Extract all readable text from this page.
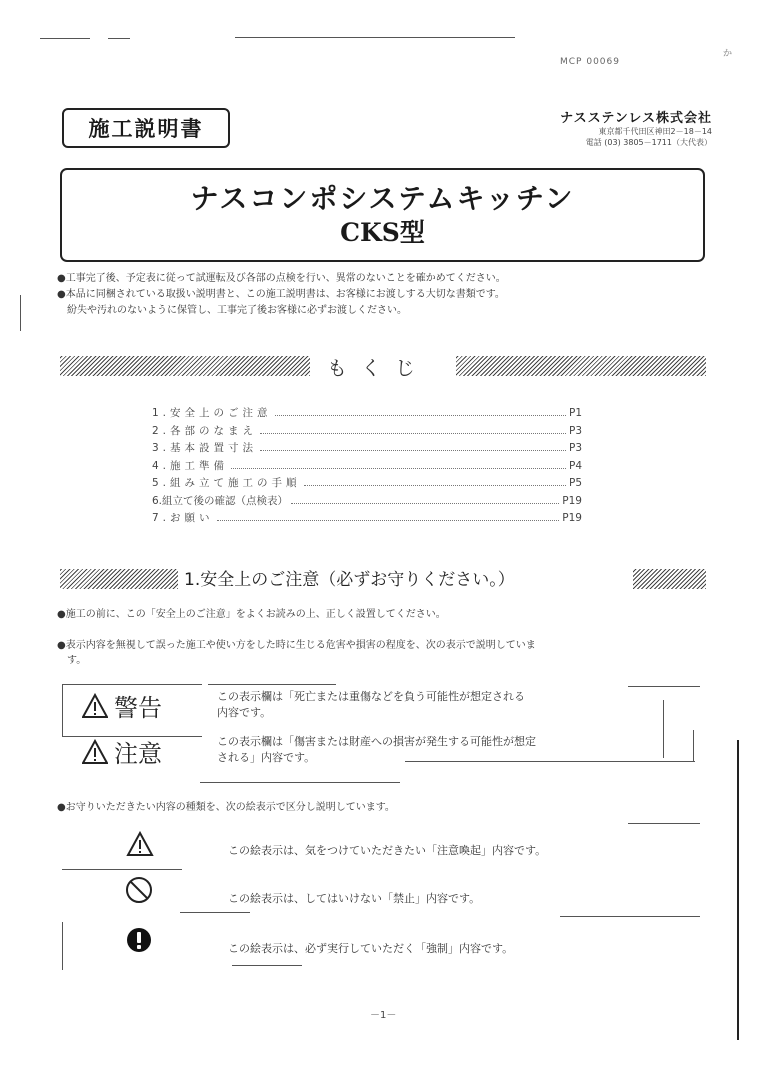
MCP 00069
か
施工説明書	ナスステンレス株式会社
東京都千代田区神田2－18－14
電話 (03) 3805－1711（大代表）
ナスコンポシステムキッチン
CKS型
●工事完了後、予定表に従って試運転及び各部の点検を行い、異常のないことを確かめてください。
●本品に同梱されている取扱い説明書と、この施工説明書は、お客様にお渡しする大切な書類です。
　紛失や汚れのないように保管し、工事完了後お客様に必ずお渡しください。
もくじ
1.安全上のご注意	P1
2.各部のなまえ	P3
3.基本設置寸法	P3
4.施工準備	P4
5.組み立て施工の手順	P5
6.組立て後の確認（点検表）	P19
7.お願い	P19
1.安全上のご注意（必ずお守りください。）
●施工の前に、この「安全上のご注意」をよくお読みの上、正しく設置してください。
●表示内容を無視して誤った施工や使い方をした時に生じる危害や損害の程度を、次の表示で説明していま
　す。
警告	この表示欄は「死亡または重傷などを負う可能性が想定される
内容です。
注意	この表示欄は「傷害または財産への損害が発生する可能性が想定
される」内容です。
●お守りいただきたい内容の種類を、次の絵表示で区分し説明しています。
この絵表示は、気をつけていただきたい「注意喚起」内容です。
この絵表示は、してはいけない「禁止」内容です。
この絵表示は、必ず実行していただく「強制」内容です。
－1－
